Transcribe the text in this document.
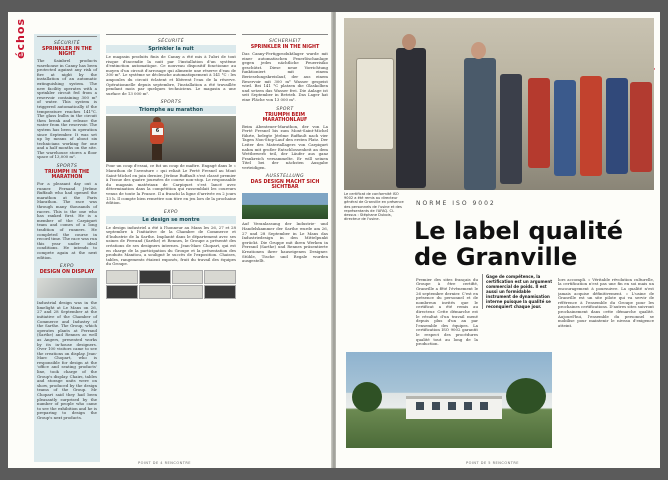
échos	SÉCURITÉ
SPRINKLER IN THE NIGHT

The Sainbrel products warehouse in Canny has been protected against any risk of fire at night by the installation of an automatic extinguishing system. The new facility operates with a sprinkler circuit fed from a reservoir containing 300 m³ of water. This system is triggered automatically if the temperature reaches 141°C. The glass bulbs in the circuit then break and release the water from the reservoir. The system has been in operation since September. It was set up by means of about six technicians working for one and a half months on the site. The warehouse stores a floor space of 13,000 m².

SPORTS
TRIUMPH IN THE MARATHON

For a pleasant day out a runner. Fernand Jérôme Ruffault who had opened the marathon at the Paris Marathon. The race was through many thousands of racers. This is the one who has ranked first. He is a member of the Carpiquet team and comes of a long tradition of runners. He completed the course in record time. The race was run this year under ideal conditions. He intends to compete again at the next edition.

EXPO
DESIGN ON DISPLAY

Industrial design was in the limelight at Le Mans on 26, 27 and 28 September at the initiative of the Chamber of Commerce and Industry of the Sarthe. The Group, which operates plants at Ferrand (Sarthe) and Rennes as well as Angers, presented works by its in-house designers. Over 100 visitors came to see the creations on display. Jean-Marc Chopart, who is responsible for design at the 'office and seating products' line, took charge of the Group's display. Chairs, tables and storage units were on show, produced by the design teams of the Group. Mr Chopart said they had been pleasantly surprised by the number of people who came to see the exhibition and he is preparing to design the Group's next products.

SÉCURITÉ
Sprinkler la nuit

Le magasin produits finis de Canny a été mis à l'abri de tout risque d'incendie la nuit par l'installation d'un système d'extinction automatique. Ce nouveau dispositif fonctionne au moyen d'un circuit d'arrosage qui alimente une réserve d'eau de 300 m³. Le système se déclenche automatiquement à 141 °C : les ampoules du circuit éclatent et libèrent l'eau de la réserve. Opérationnelle depuis septembre, l'installation a été travaillée pendant mois par quelques techniciens. Le magasin a une surface de 13 000 m².

SPORTS
Triomphe au marathon
6

Pour un coup d'essai, ce fut un coup de maître. Engagé dans le « Marathon de l'aventure » qui reliait Le Ferté Fresnel au Mont Saint-Michel en juin dernier, Jérôme Ruffault s'est classé premier à l'issue des quatre journées de course non-stop. Le responsable du magasin matériaux de Carpiquet s'est lancé avec détermination dans la compétition qui rassemblait les coureurs venus de toute la France. Il a franchi la ligne d'arrivée en 2 jours 13 h. Il compte bien remettre son titre en jeu lors de la prochaine édition.

EXPO
Le design se montre

Le design industriel a été à l'honneur au Mans les 26, 27 et 28 septembre à l'initiative de la Chambre de Commerce et d'Industrie de la Sarthe. Implanté dans le département avec ses usines de Ferrand (Sarthe) et Rennes, le Groupe a présenté des créations de ses designers internes. Jean-Marc Chopart, qui est en charge de la participation du Groupe et la présentation des produits Manitou, a souligné le succès de l'exposition. Chaises, tables, rangements étaient exposés, fruit du travail des équipes du Groupe.

SICHERHEIT
SPRINKLER IN THE NIGHT

Das Canny-Fertigproduktlager wurde mit einer automatischen Feuerlöschanlage gegen jedes nächtliche Feuerrisiko geschützt. Diese neue Vorrichtung funktioniert mit einem Berieselungskreislauf, der aus einem Reservoir mit 300 m³ Wasser gespeist wird. Bei 141 °C platzen die Glaskolben und setzen das Wasser frei. Die Anlage ist seit September in Betrieb. Das Lager hat eine Fläche von 13 000 m².

SPORT
TRIUMPH BEIM MARATHONLAUF

Beim Abenteuer-Marathon, der von La Ferté Fresnel bis zum Mont-Saint-Michel führte, belegte Jérôme Ruffault nach vier Tagen Non-Stop-Lauf den ersten Platz. Der Leiter des Materiallagers von Carpiquet nahm mit großer Entschlossenheit an dem Wettbewerb teil, der Läufer aus ganz Frankreich versammelte. Er will seinen Titel bei der nächsten Ausgabe verteidigen.

AUSSTELLUNG
DAS DESIGN MACHT SICH SICHTBAR

Auf Veranlassung der Industrie- und Handelskammer der Sarthe wurde am 26, 27 und 28 September in Le Mans das Industriedesign in den Mittelpunkt gerückt. Die Gruppe mit ihren Werken in Ferrand (Sarthe) und Rennes präsentierte Kreationen ihrer hauseigenen Designer. Stühle, Tische und Regale wurden ausgestellt.

POINT DE 4 RENCONTRE
Le certificat de conformité ISO 9002 a été remis au directeur général de Granville en présence des personnels de l'usine et des représentants de l'AFAQ. Ci-dessus : Stéphane Dubois, directeur de l'usine.
NORME ISO 9002
Le label qualité
de Granville

Premier des sites français du Groupe à être certifié, Granville a fêté l'évènement le 26 septembre dernier. C'est en présence du personnel et de nombreux invités que le certificat a été remis au directeur. Cette démarche est le résultat d'un travail mené depuis plus d'un an par l'ensemble des équipes. La certification ISO 9002 garantit le respect des procédures qualité tout au long de la production.

Gage de compétence, la certification est un argument commercial de poids. Il est aussi un formidable instrument de dynamisation interne puisque la qualité se reconquiert chaque jour.

lors accompli. « Véritable révolution culturelle, la certification n'est pas une fin en soi mais un encouragement à poursuivre. La qualité n'est jamais acquise définitivement. » L'usine de Granville est un site pilote qui va servir de référence à l'ensemble du Groupe pour les prochaines certifications. D'autres sites suivront prochainement dans cette démarche qualité. Aujourd'hui, l'ensemble du personnel se mobilise pour maintenir le niveau d'exigence atteint.

POINT DE 5 RENCONTRE
